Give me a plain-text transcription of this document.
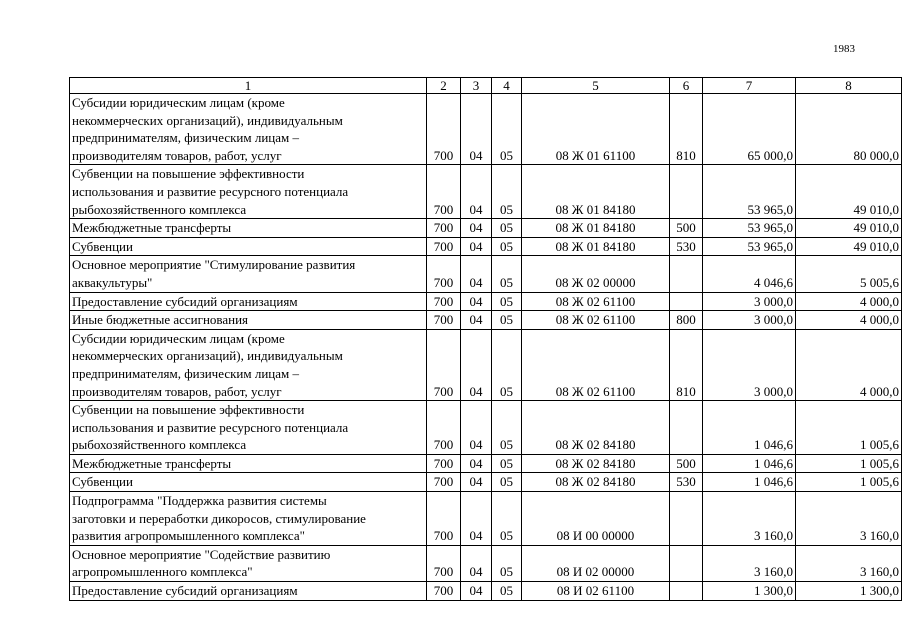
1983
1	2	3	4	5	6	7	8
Субсидии юридическим лицам (кроме
некоммерческих организаций), индивидуальным
предпринимателям, физическим лицам –
производителям товаров, работ, услуг	700	04	05	08 Ж 01 61100	810	65 000,0	80 000,0
Субвенции на повышение эффективности
использования и развитие ресурсного потенциала
рыбохозяйственного комплекса	700	04	05	08 Ж 01 84180		53 965,0	49 010,0
Межбюджетные трансферты	700	04	05	08 Ж 01 84180	500	53 965,0	49 010,0
Субвенции	700	04	05	08 Ж 01 84180	530	53 965,0	49 010,0
Основное мероприятие "Стимулирование развития
аквакультуры"	700	04	05	08 Ж 02 00000		4 046,6	5 005,6
Предоставление субсидий организациям	700	04	05	08 Ж 02 61100		3 000,0	4 000,0
Иные бюджетные ассигнования	700	04	05	08 Ж 02 61100	800	3 000,0	4 000,0
Субсидии юридическим лицам (кроме
некоммерческих организаций), индивидуальным
предпринимателям, физическим лицам –
производителям товаров, работ, услуг	700	04	05	08 Ж 02 61100	810	3 000,0	4 000,0
Субвенции на повышение эффективности
использования и развитие ресурсного потенциала
рыбохозяйственного комплекса	700	04	05	08 Ж 02 84180		1 046,6	1 005,6
Межбюджетные трансферты	700	04	05	08 Ж 02 84180	500	1 046,6	1 005,6
Субвенции	700	04	05	08 Ж 02 84180	530	1 046,6	1 005,6
Подпрограмма "Поддержка развития системы
заготовки и переработки дикоросов, стимулирование
развития агропромышленного комплекса"	700	04	05	08 И 00 00000		3 160,0	3 160,0
Основное мероприятие "Содействие развитию
агропромышленного комплекса"	700	04	05	08 И 02 00000		3 160,0	3 160,0
Предоставление субсидий организациям	700	04	05	08 И 02 61100		1 300,0	1 300,0
